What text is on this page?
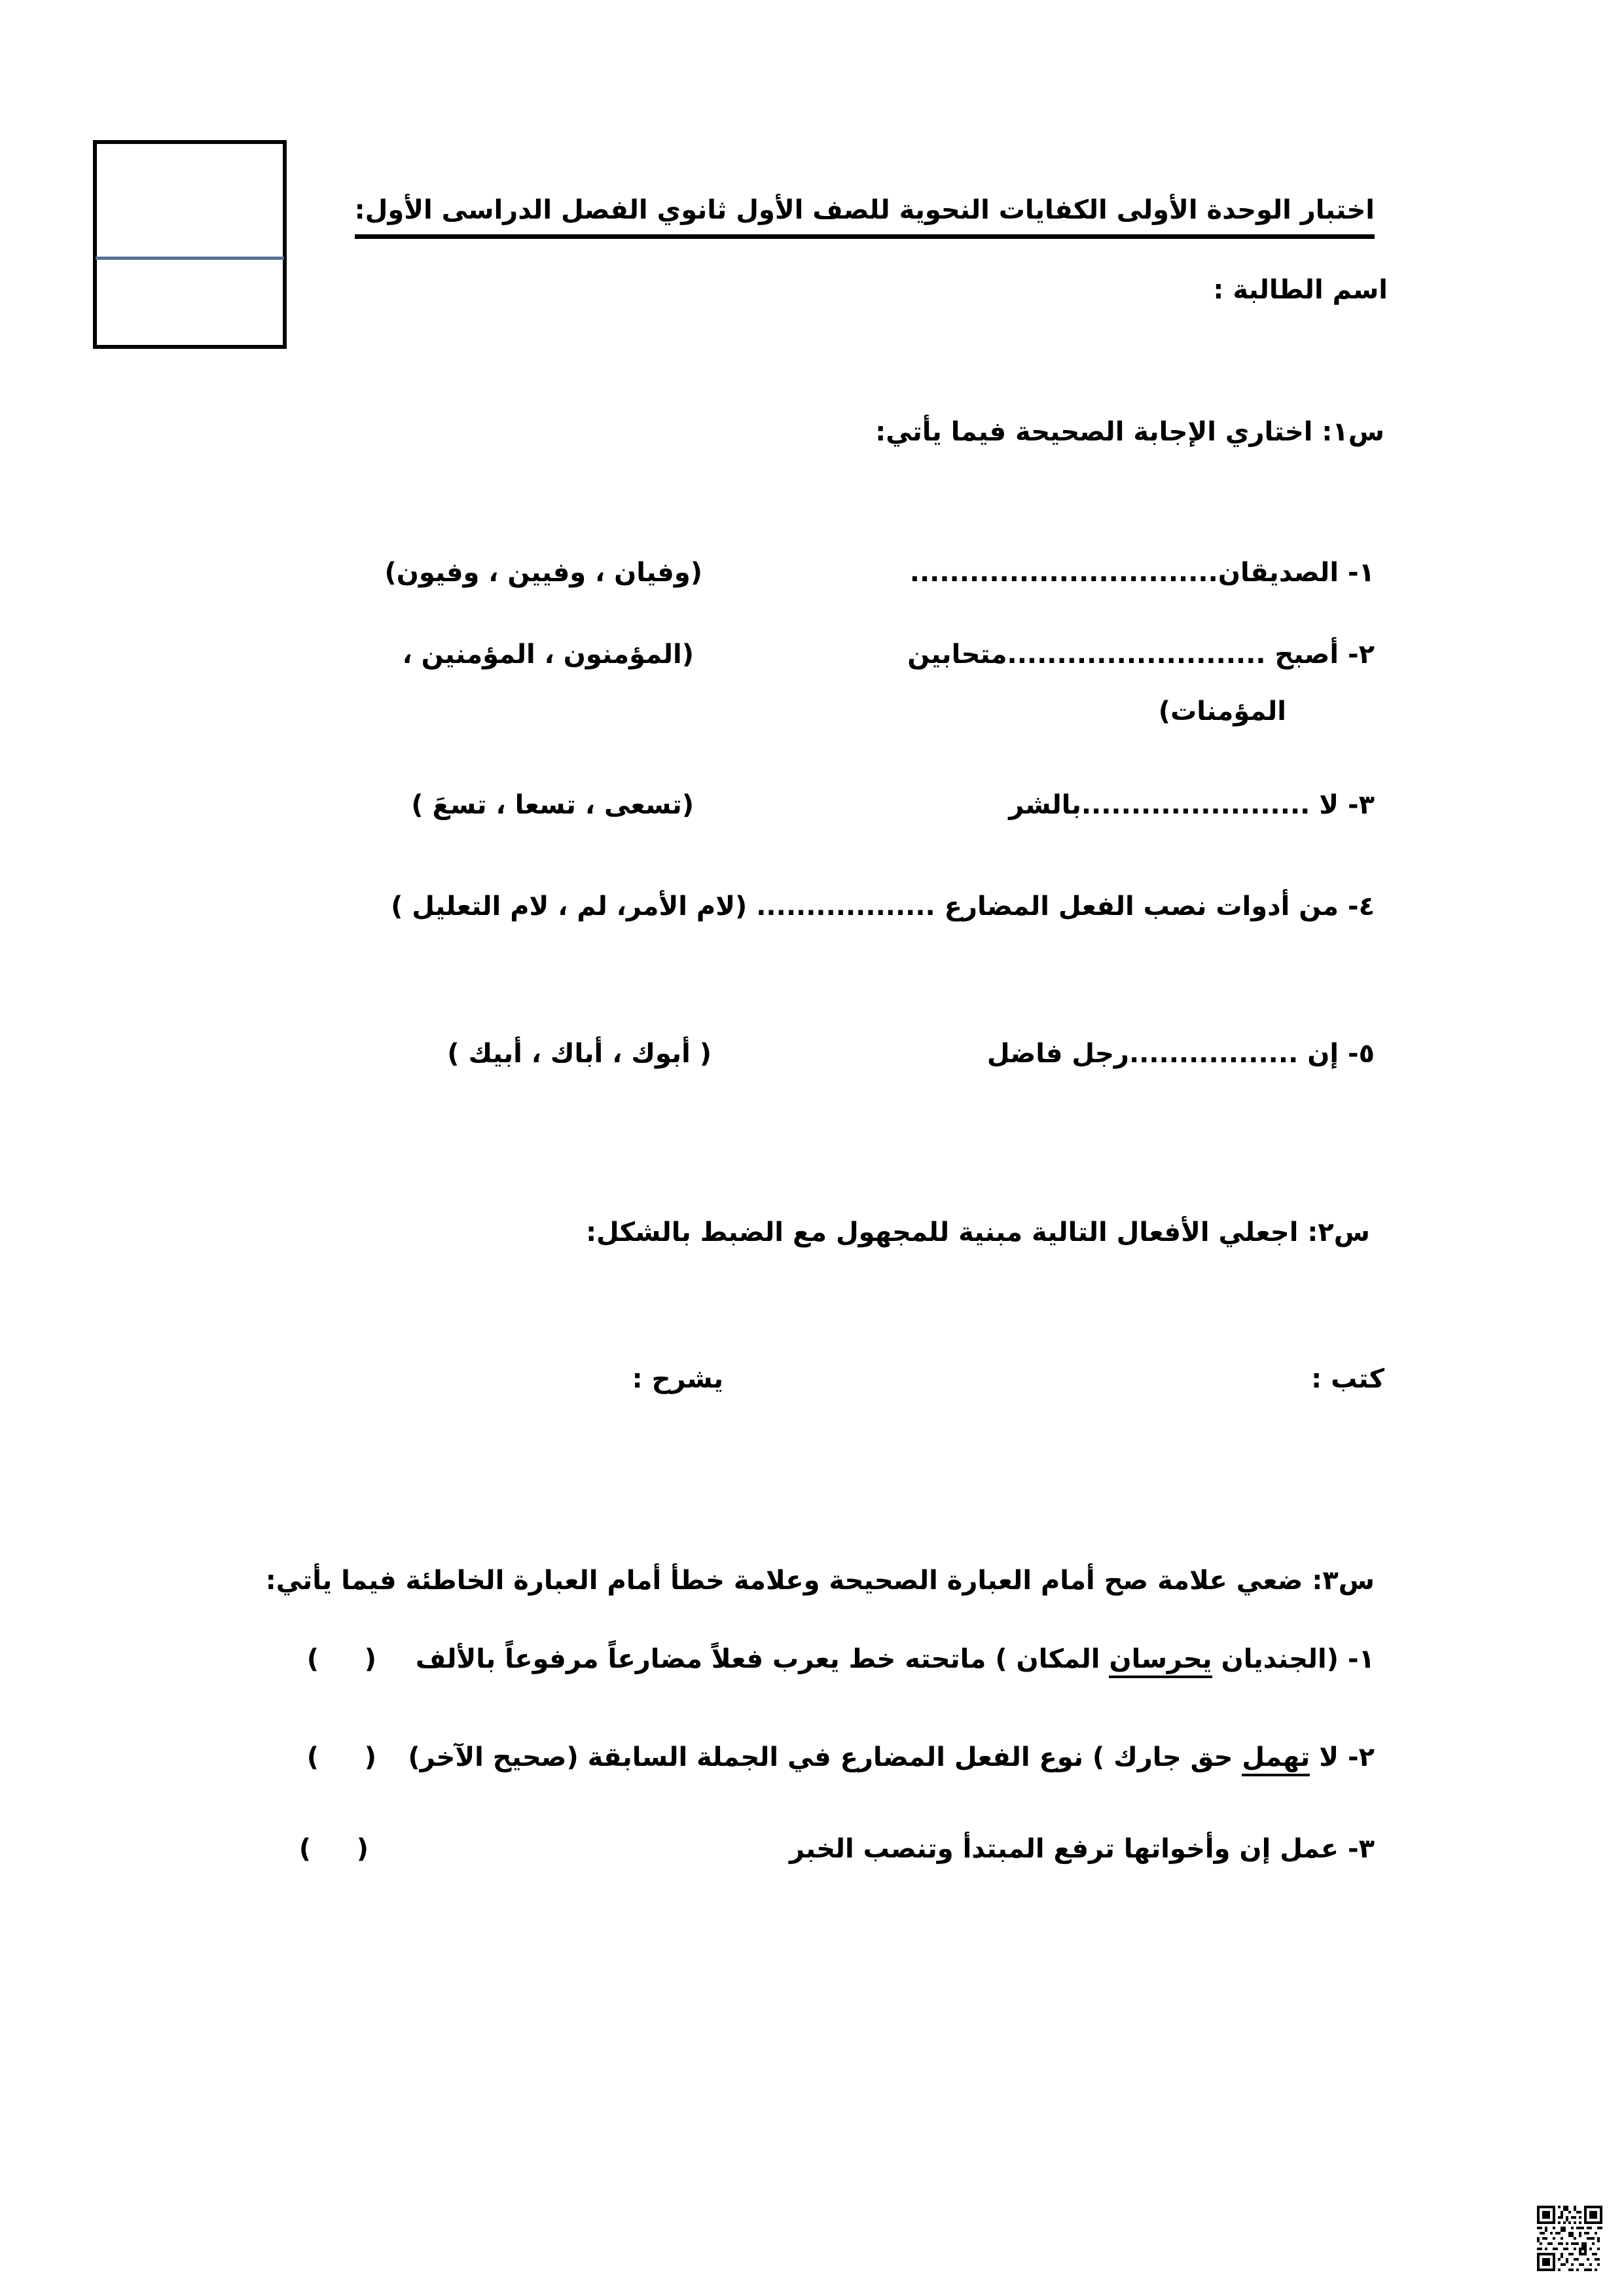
اختبار الوحدة الأولى الكفايات النحوية للصف الأول ثانوي الفصل الدراسى الأول:
اسم الطالبة :
س١: اختاري الإجابة الصحيحة فيما يأتي:
١- الصديقان...............................
(وفيان ، وفيين ، وفيون)
٢- أصبح ..........................متحابين
(المؤمنون ، المؤمنين ،
المؤمنات)
٣- لا .......................بالشر
(تسعى ، تسعا ، تسعَ )
٤- من أدوات نصب الفعل المضارع .................. (لام الأمر، لم ، لام التعليل )
٥- إن .................رجل فاضل
( أبوك ، أباك ، أبيك )
س٢: اجعلي الأفعال التالية مبنية للمجهول مع الضبط بالشكل:
كتب :
يشرح :
س٣: ضعي علامة صح أمام العبارة الصحيحة وعلامة خطأ أمام العبارة الخاطئة فيما يأتي:
١- (الجنديان يحرسان المكان ) ماتحته خط يعرب فعلاً مضارعاً مرفوعاً بالألف
(     )
٢- لا تهمل حق جارك ) نوع الفعل المضارع في الجملة السابقة (صحيح الآخر)
(     )
٣- عمل إن وأخواتها ترفع المبتدأ وتنصب الخبر
(     )
